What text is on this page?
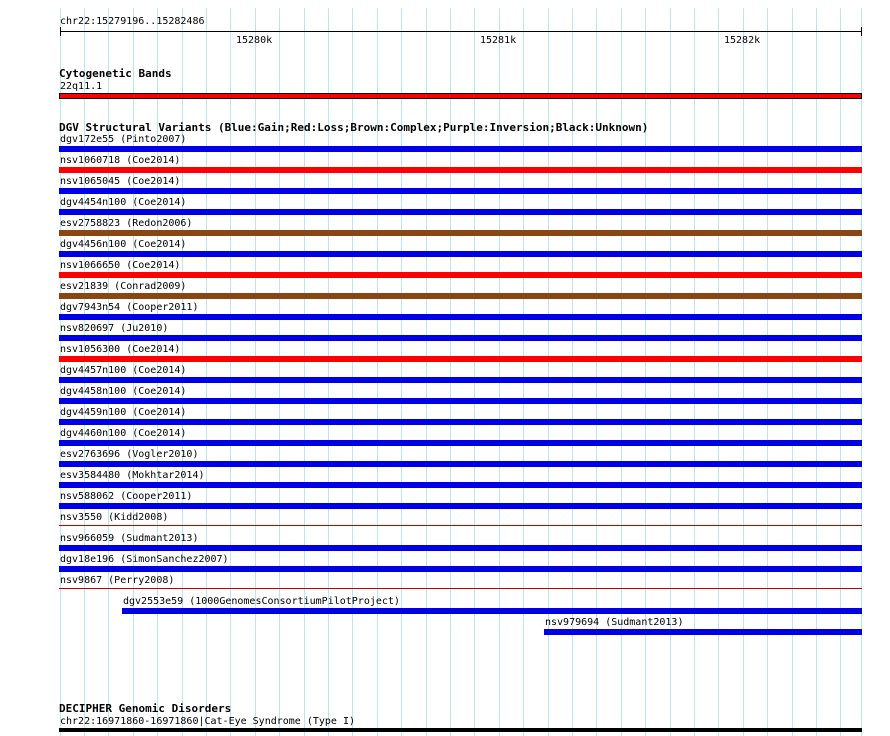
chr22:15279196..15282486
15280k	15281k	15282k
Cytogenetic Bands
22q11.1
DGV Structural Variants (Blue:Gain;Red:Loss;Brown:Complex;Purple:Inversion;Black:Unknown)
dgv172e55 (Pinto2007)
nsv1060718 (Coe2014)
nsv1065045 (Coe2014)
dgv4454n100 (Coe2014)
esv2758823 (Redon2006)
dgv4456n100 (Coe2014)
nsv1066650 (Coe2014)
esv21839 (Conrad2009)
dgv7943n54 (Cooper2011)
nsv820697 (Ju2010)
nsv1056300 (Coe2014)
dgv4457n100 (Coe2014)
dgv4458n100 (Coe2014)
dgv4459n100 (Coe2014)
dgv4460n100 (Coe2014)
esv2763696 (Vogler2010)
esv3584480 (Mokhtar2014)
nsv588062 (Cooper2011)
nsv3550 (Kidd2008)
nsv966059 (Sudmant2013)
dgv18e196 (SimonSanchez2007)
nsv9867 (Perry2008)
dgv2553e59 (1000GenomesConsortiumPilotProject)
nsv979694 (Sudmant2013)
DECIPHER Genomic Disorders
chr22:16971860-16971860|Cat-Eye Syndrome (Type I)
